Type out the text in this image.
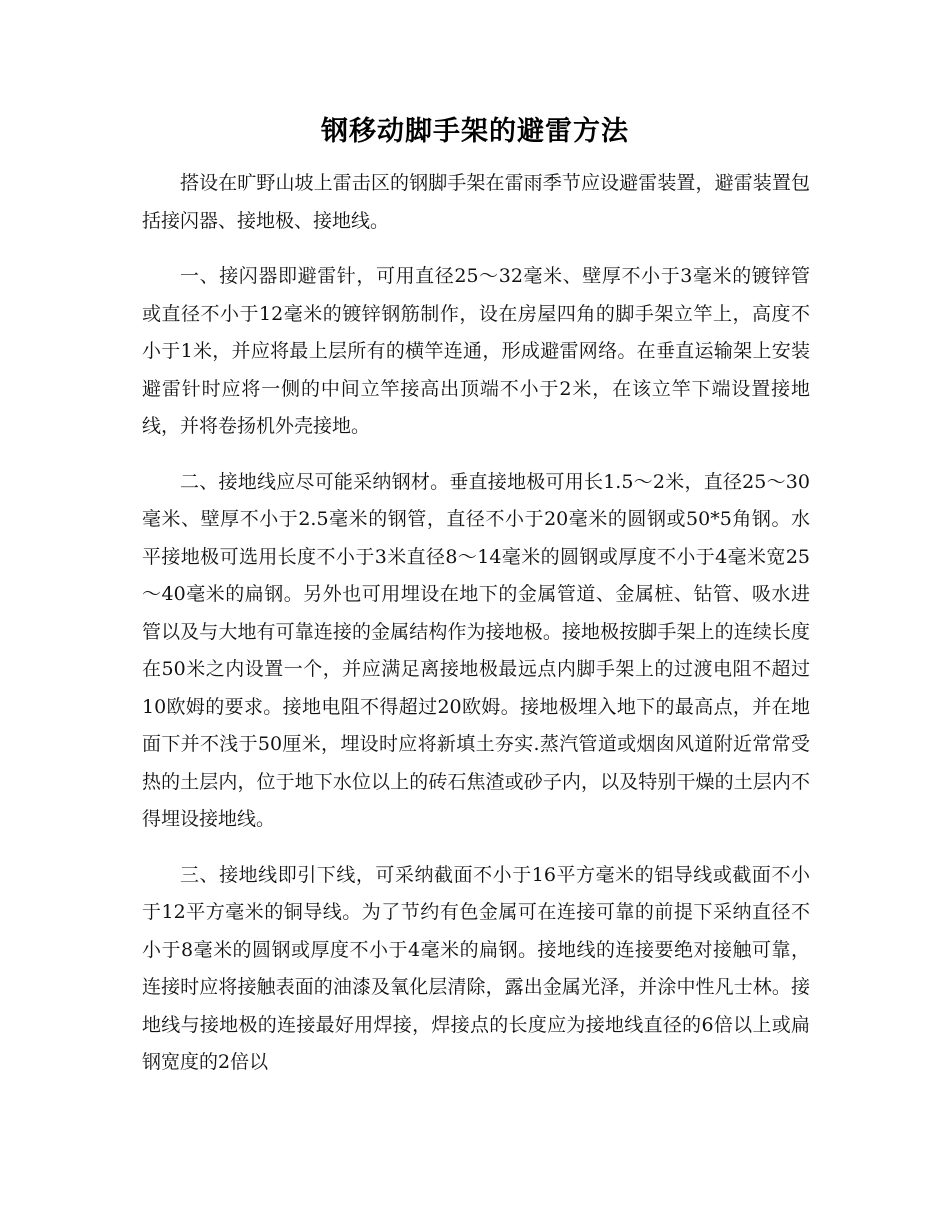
钢移动脚手架的避雷方法

搭设在旷野山坡上雷击区的钢脚手架在雷雨季节应设避雷装置，避雷装置包括接闪器、接地极、接地线。

一、接闪器即避雷针，可用直径25～32毫米、壁厚不小于3毫米的镀锌管或直径不小于12毫米的镀锌钢筋制作，设在房屋四角的脚手架立竿上，高度不小于1米，并应将最上层所有的横竿连通，形成避雷网络。在垂直运输架上安装避雷针时应将一侧的中间立竿接高出顶端不小于2米，在该立竿下端设置接地线，并将卷扬机外壳接地。

二、接地线应尽可能采纳钢材。垂直接地极可用长1.5～2米，直径25～30毫米、壁厚不小于2.5毫米的钢管，直径不小于20毫米的圆钢或50*5角钢。水平接地极可选用长度不小于3米直径8～14毫米的圆钢或厚度不小于4毫米宽25～40毫米的扁钢。另外也可用埋设在地下的金属管道、金属桩、钻管、吸水进管以及与大地有可靠连接的金属结构作为接地极。接地极按脚手架上的连续长度在50米之内设置一个，并应满足离接地极最远点内脚手架上的过渡电阻不超过10欧姆的要求。接地电阻不得超过20欧姆。接地极埋入地下的最高点，并在地面下并不浅于50厘米，埋设时应将新填土夯实.蒸汽管道或烟囱风道附近常常受热的土层内，位于地下水位以上的砖石焦渣或砂子内，以及特别干燥的土层内不得埋设接地线。

三、接地线即引下线，可采纳截面不小于16平方毫米的铝导线或截面不小于12平方毫米的铜导线。为了节约有色金属可在连接可靠的前提下采纳直径不小于8毫米的圆钢或厚度不小于4毫米的扁钢。接地线的连接要绝对接触可靠，连接时应将接触表面的油漆及氧化层清除，露出金属光泽，并涂中性凡士林。接地线与接地极的连接最好用焊接，焊接点的长度应为接地线直径的6倍以上或扁钢宽度的2倍以
